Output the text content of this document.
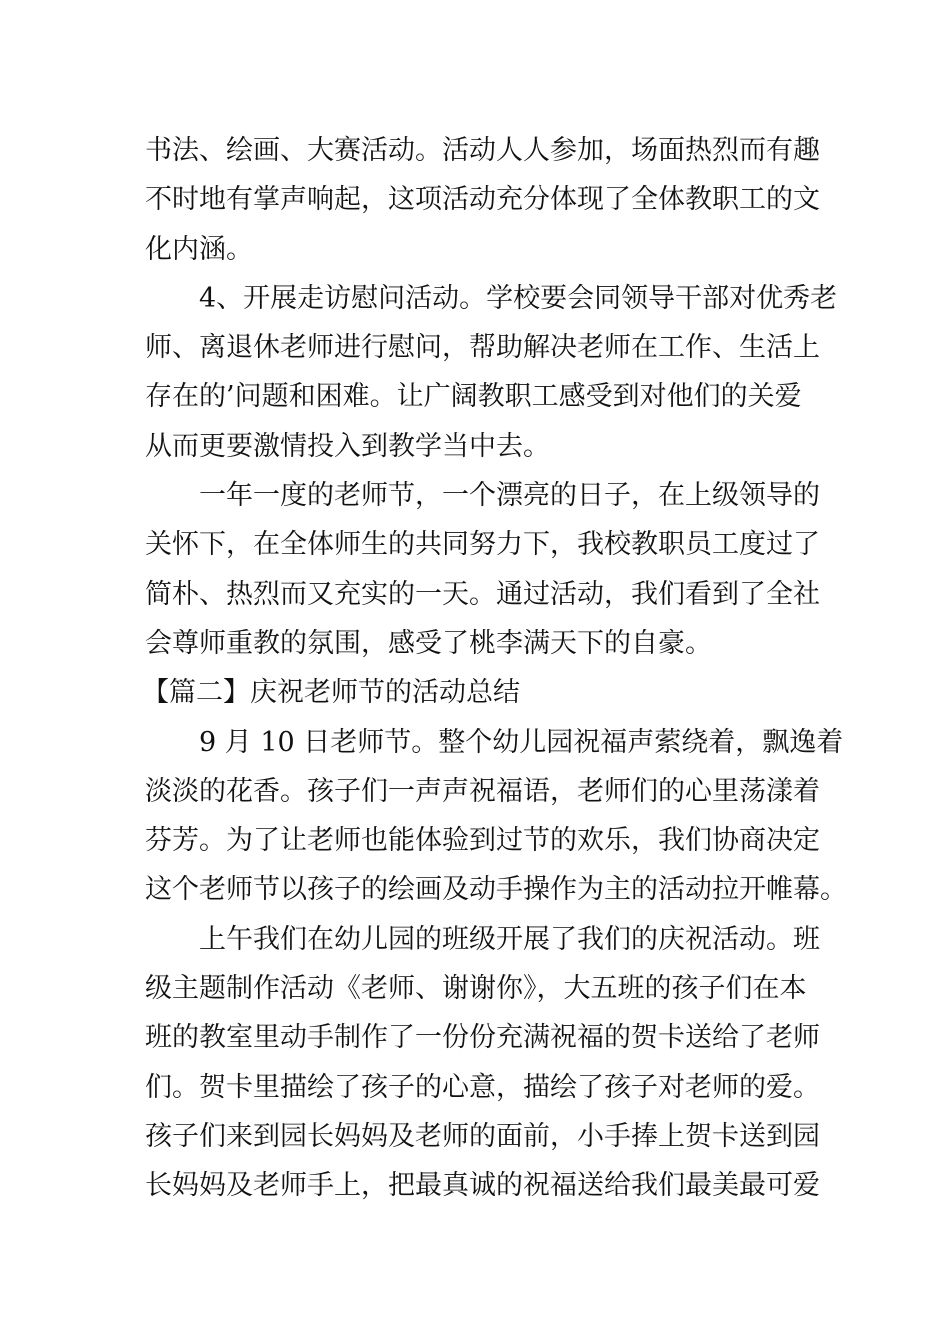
书法、绘画、大赛活动。活动人人参加，场面热烈而有趣
不时地有掌声响起，这项活动充分体现了全体教职工的文
化内涵。

4、开展走访慰问活动。学校要会同领导干部对优秀老
师、离退休老师进行慰问，帮助解决老师在工作、生活上
存在的’问题和困难。让广阔教职工感受到对他们的关爱
从而更要激情投入到教学当中去。

一年一度的老师节，一个漂亮的日子，在上级领导的
关怀下，在全体师生的共同努力下，我校教职员工度过了
简朴、热烈而又充实的一天。通过活动，我们看到了全社
会尊师重教的氛围，感受了桃李满天下的自豪。

【篇二】庆祝老师节的活动总结

9 月 10 日老师节。整个幼儿园祝福声萦绕着，飘逸着
淡淡的花香。孩子们一声声祝福语，老师们的心里荡漾着
芬芳。为了让老师也能体验到过节的欢乐，我们协商决定
这个老师节以孩子的绘画及动手操作为主的活动拉开帷幕。

上午我们在幼儿园的班级开展了我们的庆祝活动。班
级主题制作活动《老师、谢谢你》，大五班的孩子们在本
班的教室里动手制作了一份份充满祝福的贺卡送给了老师
们。贺卡里描绘了孩子的心意，描绘了孩子对老师的爱。
孩子们来到园长妈妈及老师的面前，小手捧上贺卡送到园
长妈妈及老师手上，把最真诚的祝福送给我们最美最可爱
